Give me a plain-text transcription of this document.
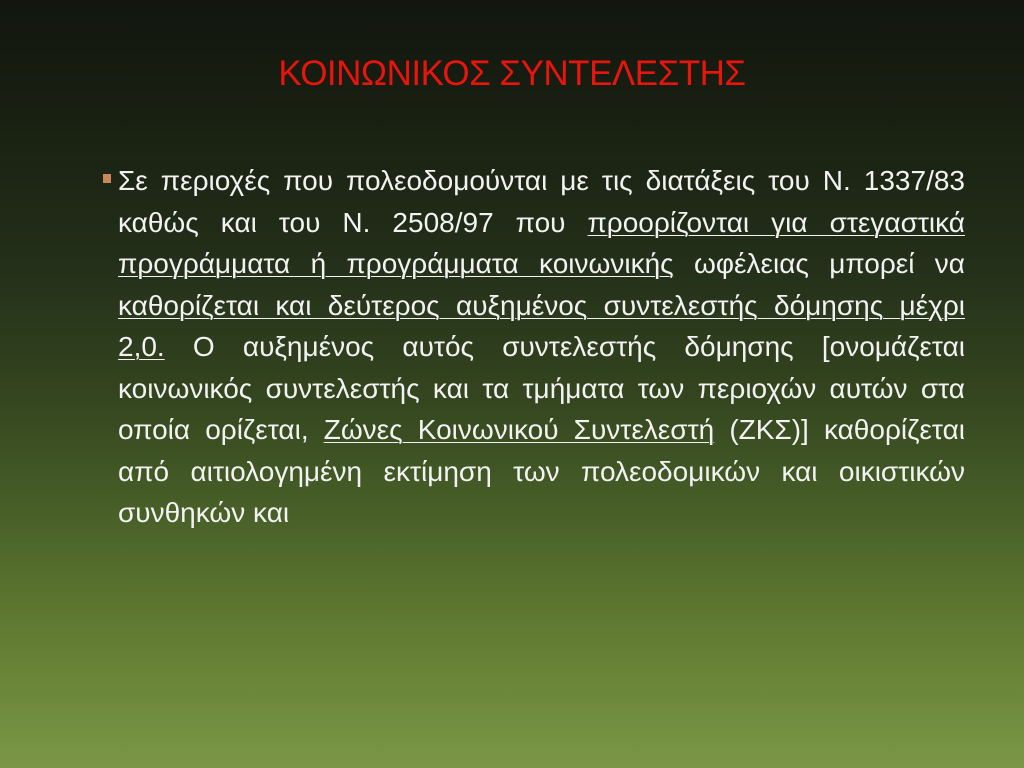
ΚΟΙΝΩΝΙΚΟΣ ΣΥΝΤΕΛΕΣΤΗΣ
Σε περιοχές που πολεοδομούνται με τις διατάξεις του Ν. 1337/83 καθώς και του Ν. 2508/97 που προορίζονται για στεγαστικά προγράμματα ή προγράμματα κοινωνικής ωφέλειας μπορεί να καθορίζεται και δεύτερος αυξημένος συντελεστής δόμησης μέχρι 2,0. Ο αυξημένος αυτός συντελεστής δόμησης [ονομάζεται κοινωνικός συντελεστής και τα τμήματα των περιοχών αυτών στα οποία ορίζεται, Ζώνες Κοινωνικού Συντελεστή (ΖΚΣ)] καθορίζεται από αιτιολογημένη εκτίμηση των πολεοδομικών και οικιστικών συνθηκών και
